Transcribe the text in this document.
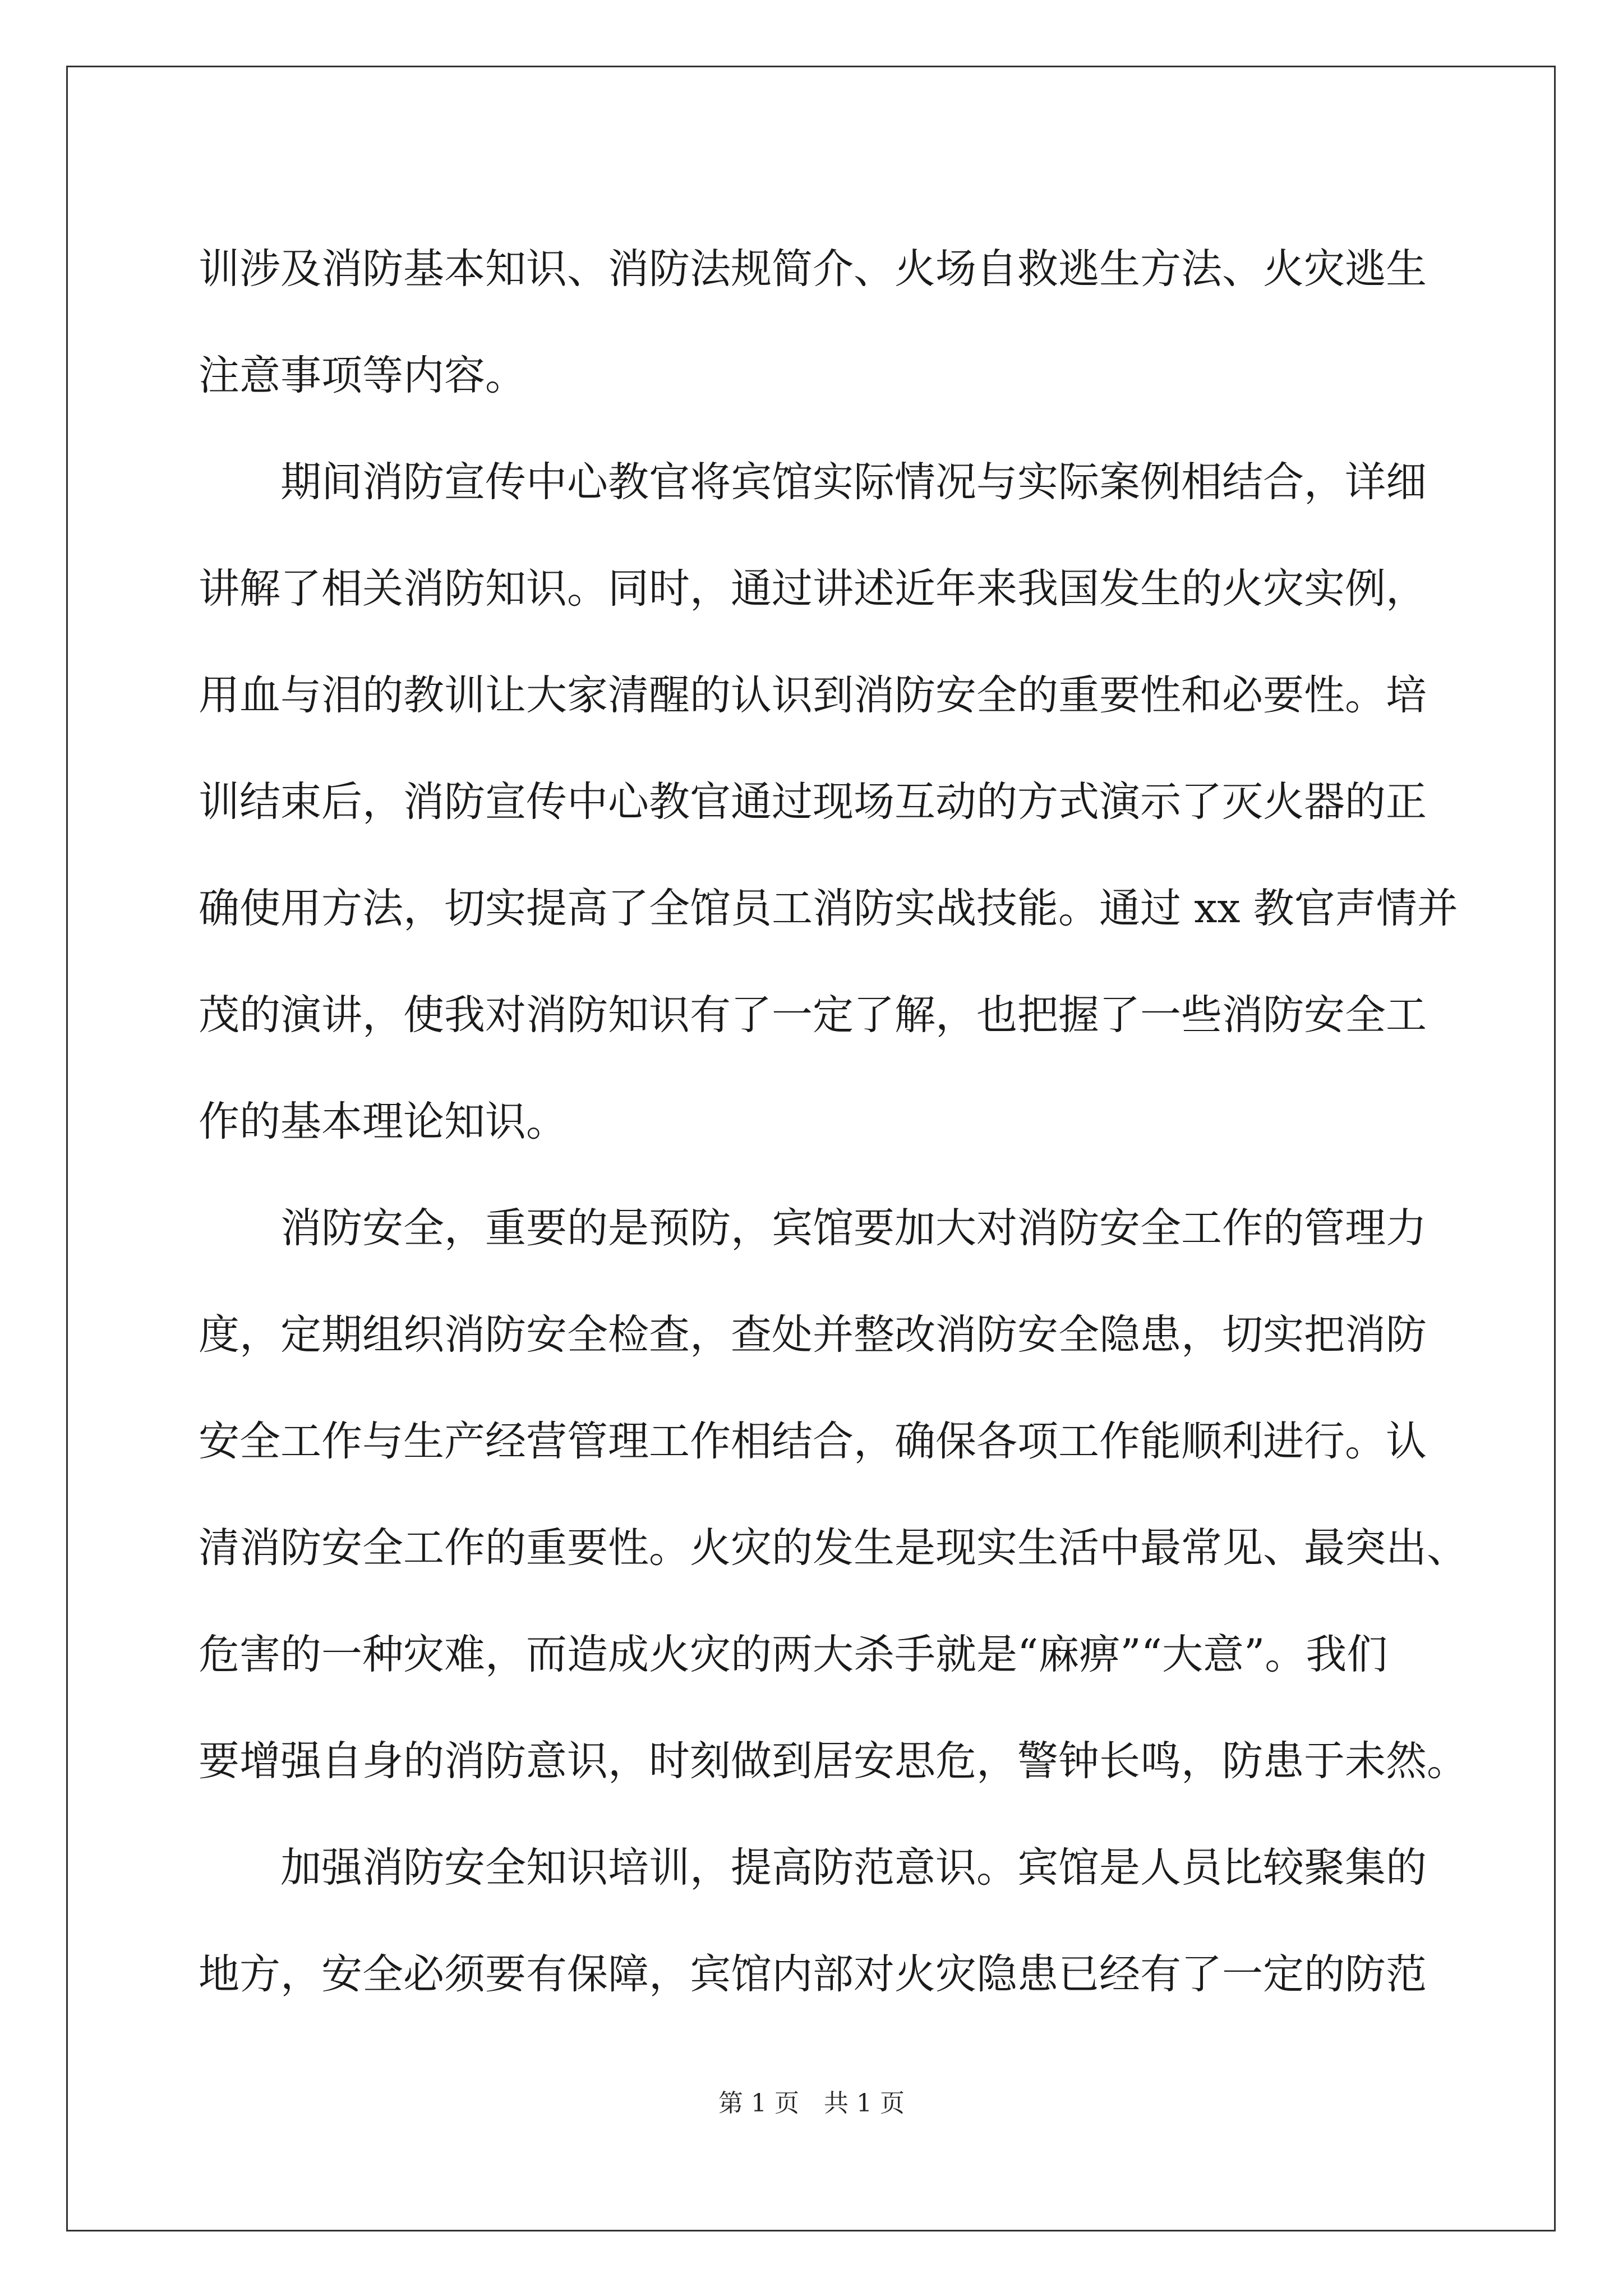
训涉及消防基本知识、消防法规简介、火场自救逃生方法、火灾逃生
注意事项等内容。
期间消防宣传中心教官将宾馆实际情况与实际案例相结合，详细
讲解了相关消防知识。同时，通过讲述近年来我国发生的火灾实例，
用血与泪的教训让大家清醒的认识到消防安全的重要性和必要性。培
训结束后，消防宣传中心教官通过现场互动的方式演示了灭火器的正
确使用方法，切实提高了全馆员工消防实战技能。通过 xx 教官声情并
茂的演讲，使我对消防知识有了一定了解，也把握了一些消防安全工
作的基本理论知识。
消防安全，重要的是预防，宾馆要加大对消防安全工作的管理力
度，定期组织消防安全检查，查处并整改消防安全隐患，切实把消防
安全工作与生产经营管理工作相结合，确保各项工作能顺利进行。认
清消防安全工作的重要性。火灾的发生是现实生活中最常见、最突出、
危害的一种灾难，而造成火灾的两大杀手就是“麻痹”“大意”。我们
要增强自身的消防意识，时刻做到居安思危，警钟长鸣，防患于未然。
加强消防安全知识培训，提高防范意识。宾馆是人员比较聚集的
地方，安全必须要有保障，宾馆内部对火灾隐患已经有了一定的防范
第 1 页 共 1 页
